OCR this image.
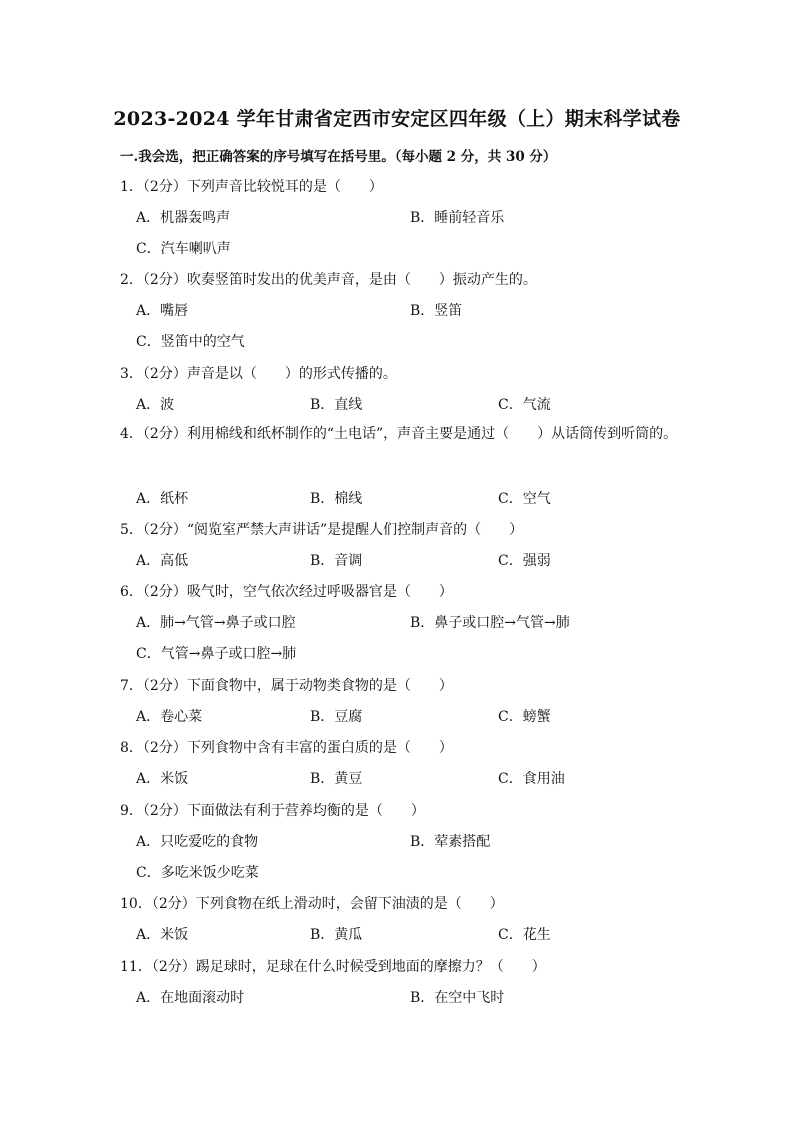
2023-2024 学年甘肃省定西市安定区四年级（上）期末科学试卷
一.我会选，把正确答案的序号填写在括号里。（每小题 2 分，共 30 分）
1．（2分）下列声音比较悦耳的是（　　）
A．机器轰鸣声	B．睡前轻音乐
C．汽车喇叭声
2．（2分）吹奏竖笛时发出的优美声音，是由（　　）振动产生的。
A．嘴唇	B．竖笛
C．竖笛中的空气
3．（2分）声音是以（　　）的形式传播的。
A．波	B．直线	C．气流
4．（2分）利用棉线和纸杯制作的“土电话”，声音主要是通过（　　）从话筒传到听筒的。
A．纸杯	B．棉线	C．空气
5．（2分）“阅览室严禁大声讲话”是提醒人们控制声音的（　　）
A．高低	B．音调	C．强弱
6．（2分）吸气时，空气依次经过呼吸器官是（　　）
A．肺→气管→鼻子或口腔	B．鼻子或口腔→气管→肺
C．气管→鼻子或口腔→肺
7．（2分）下面食物中，属于动物类食物的是（　　）
A．卷心菜	B．豆腐	C．螃蟹
8．（2分）下列食物中含有丰富的蛋白质的是（　　）
A．米饭	B．黄豆	C．食用油
9．（2分）下面做法有利于营养均衡的是（　　）
A．只吃爱吃的食物	B．荤素搭配
C．多吃米饭少吃菜
10．（2分）下列食物在纸上滑动时，会留下油渍的是（　　）
A．米饭	B．黄瓜	C．花生
11．（2分）踢足球时，足球在什么时候受到地面的摩擦力？（　　）
A．在地面滚动时	B．在空中飞时
